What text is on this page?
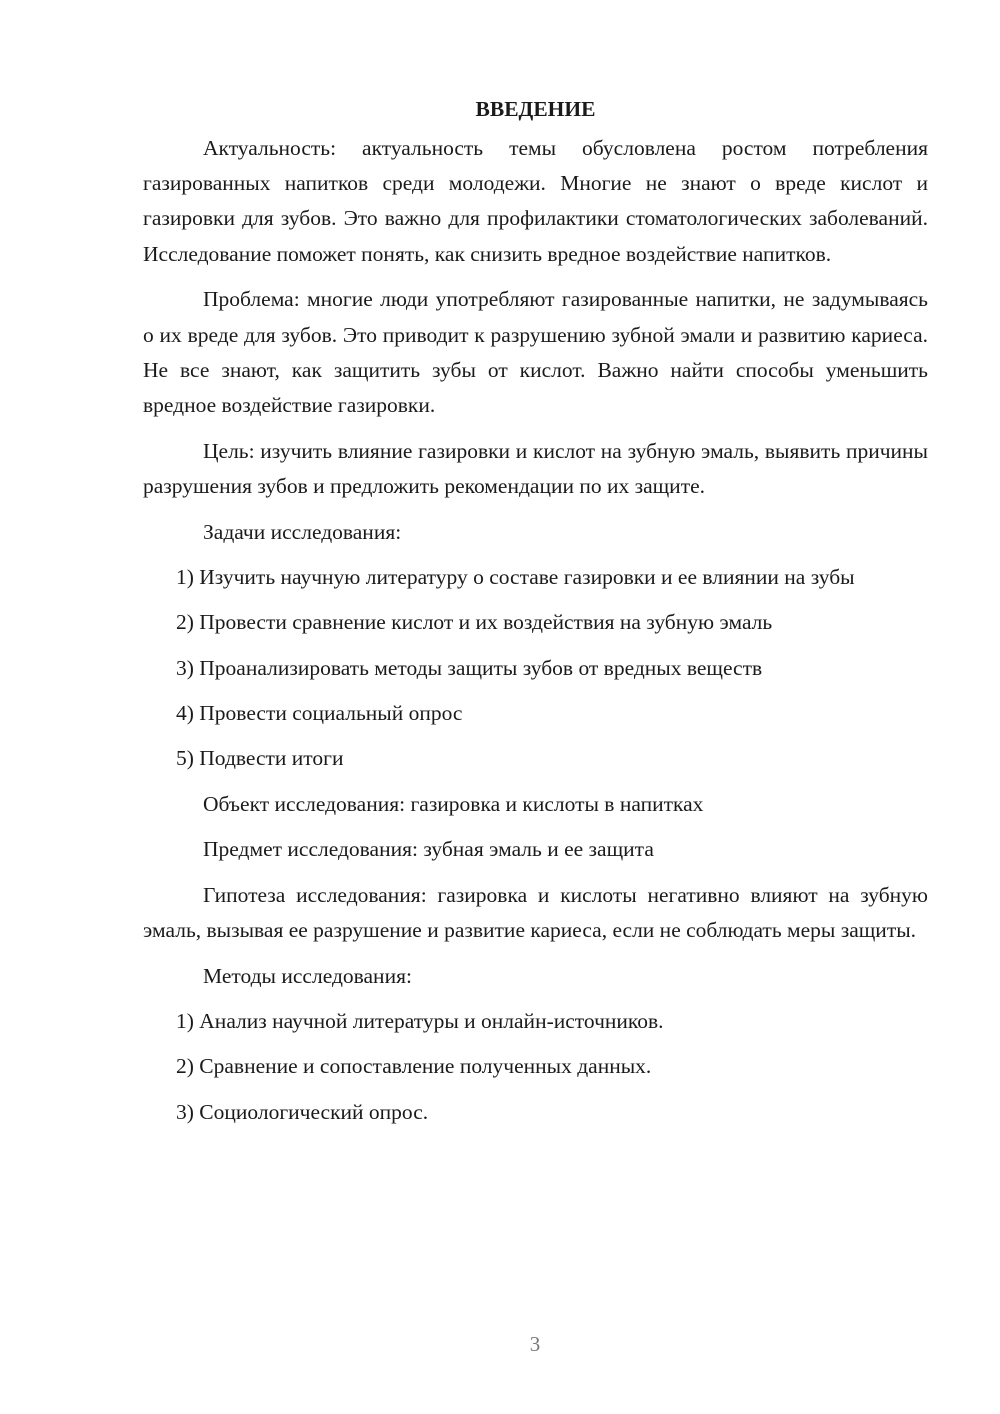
ВВЕДЕНИЕ

Актуальность: актуальность темы обусловлена ростом потребления газированных напитков среди молодежи. Многие не знают о вреде кислот и газировки для зубов. Это важно для профилактики стоматологических заболеваний. Исследование поможет понять, как снизить вредное воздействие напитков.

Проблема: многие люди употребляют газированные напитки, не задумываясь о их вреде для зубов. Это приводит к разрушению зубной эмали и развитию кариеса. Не все знают, как защитить зубы от кислот. Важно найти способы уменьшить вредное воздействие газировки.

Цель: изучить влияние газировки и кислот на зубную эмаль, выявить причины разрушения зубов и предложить рекомендации по их защите.

Задачи исследования:

1) Изучить научную литературу о составе газировки и ее влиянии на зубы

2) Провести сравнение кислот и их воздействия на зубную эмаль

3) Проанализировать методы защиты зубов от вредных веществ

4) Провести социальный опрос

5) Подвести итоги

Объект исследования: газировка и кислоты в напитках

Предмет исследования: зубная эмаль и ее защита

Гипотеза исследования: газировка и кислоты негативно влияют на зубную эмаль, вызывая ее разрушение и развитие кариеса, если не соблюдать меры защиты.

Методы исследования:

1) Анализ научной литературы и онлайн-источников.

2) Сравнение и сопоставление полученных данных.

3) Социологический опрос.

3
